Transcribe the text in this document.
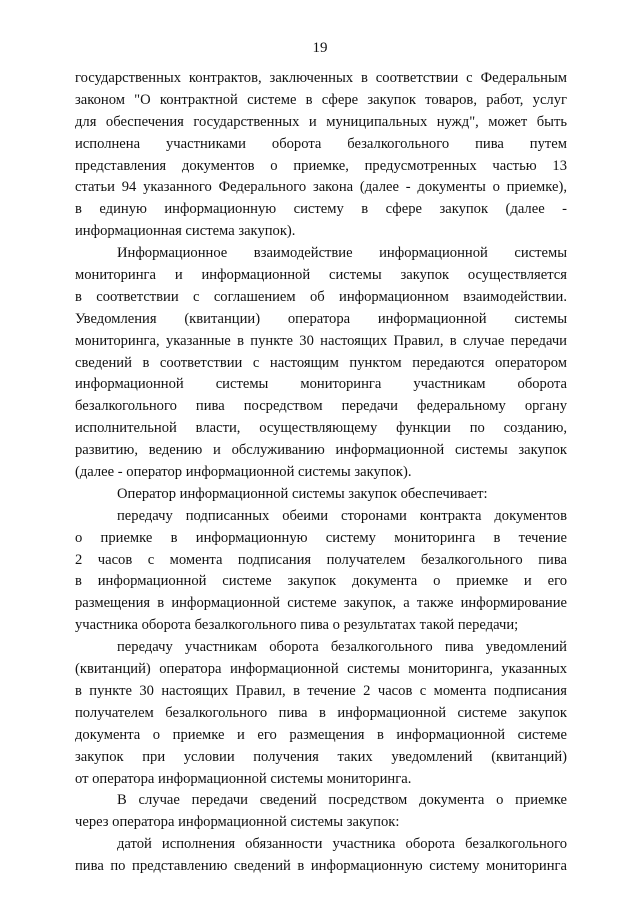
19
государственных контрактов, заключенных в соответствии с Федеральным
законом "О контрактной системе в сфере закупок товаров, работ, услуг
для обеспечения государственных и муниципальных нужд", может быть
исполнена участниками оборота безалкогольного пива путем
представления документов о приемке, предусмотренных частью 13
статьи 94 указанного Федерального закона (далее - документы о приемке),
в единую информационную систему в сфере закупок (далее -
информационная система закупок).
Информационное взаимодействие информационной системы
мониторинга и информационной системы закупок осуществляется
в соответствии с соглашением об информационном взаимодействии.
Уведомления (квитанции) оператора информационной системы
мониторинга, указанные в пункте 30 настоящих Правил, в случае передачи
сведений в соответствии с настоящим пунктом передаются оператором
информационной системы мониторинга участникам оборота
безалкогольного пива посредством передачи федеральному органу
исполнительной власти, осуществляющему функции по созданию,
развитию, ведению и обслуживанию информационной системы закупок
(далее - оператор информационной системы закупок).
Оператор информационной системы закупок обеспечивает:
передачу подписанных обеими сторонами контракта документов
о приемке в информационную систему мониторинга в течение
2 часов с момента подписания получателем безалкогольного пива
в информационной системе закупок документа о приемке и его
размещения в информационной системе закупок, а также информирование
участника оборота безалкогольного пива о результатах такой передачи;
передачу участникам оборота безалкогольного пива уведомлений
(квитанций) оператора информационной системы мониторинга, указанных
в пункте 30 настоящих Правил, в течение 2 часов с момента подписания
получателем безалкогольного пива в информационной системе закупок
документа о приемке и его размещения в информационной системе
закупок при условии получения таких уведомлений (квитанций)
от оператора информационной системы мониторинга.
В случае передачи сведений посредством документа о приемке
через оператора информационной системы закупок:
датой исполнения обязанности участника оборота безалкогольного
пива по представлению сведений в информационную систему мониторинга
